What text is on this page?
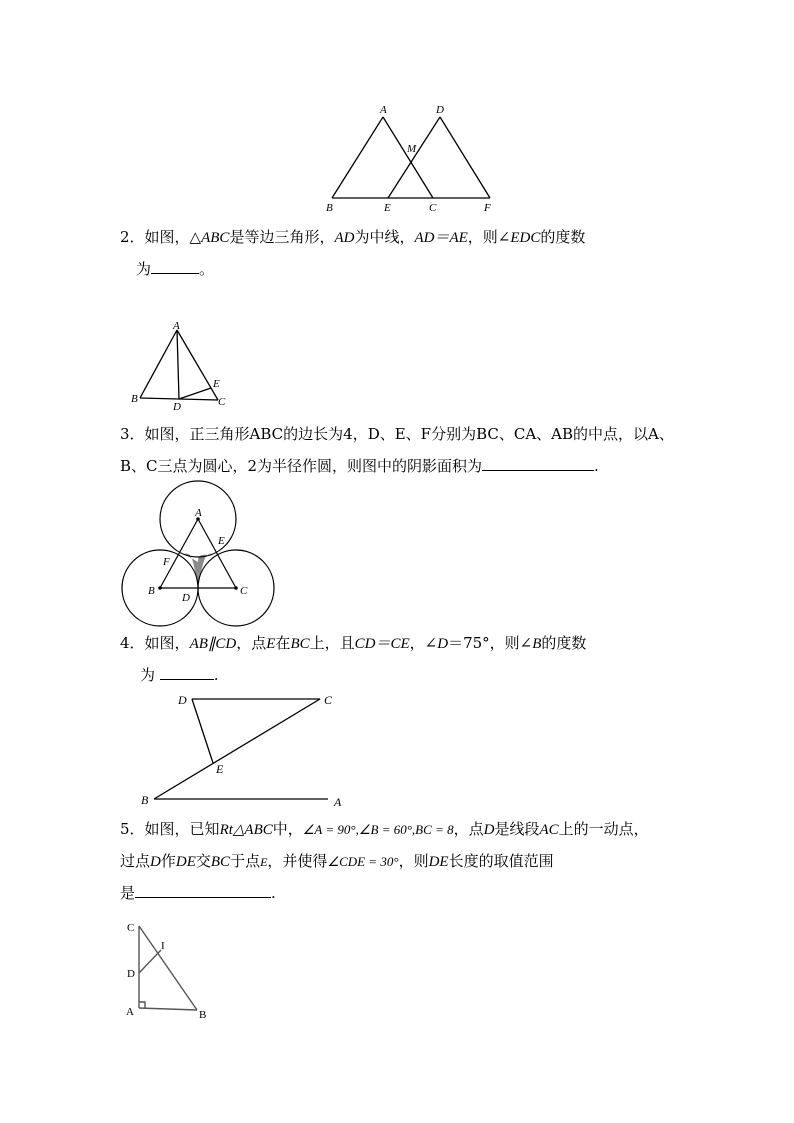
A	D
M
B	E	C	F
2．如图，△ABC是等边三角形，AD为中线，AD＝AE，则∠EDC的度数
为	。
A
B
D
E
C
3．如图，正三角形ABC的边长为4，D、E、F分别为BC、CA、AB的中点，以A、
B、C三点为圆心，2为半径作圆，则图中的阴影面积为	.
A
E
F
B
D
C
4．如图，AB∥CD，点E在BC上，且CD＝CE，∠D＝75°，则∠B的度数
为	.
D	C
E
B	A
5．如图，已知Rt△ABC中，∠A = 90°,∠B = 60°,BC = 8，点D是线段AC上的一动点，
过点D作DE交BC于点E，并使得∠CDE = 30°，则DE长度的取值范围
是	.
C
I
D
A	B
